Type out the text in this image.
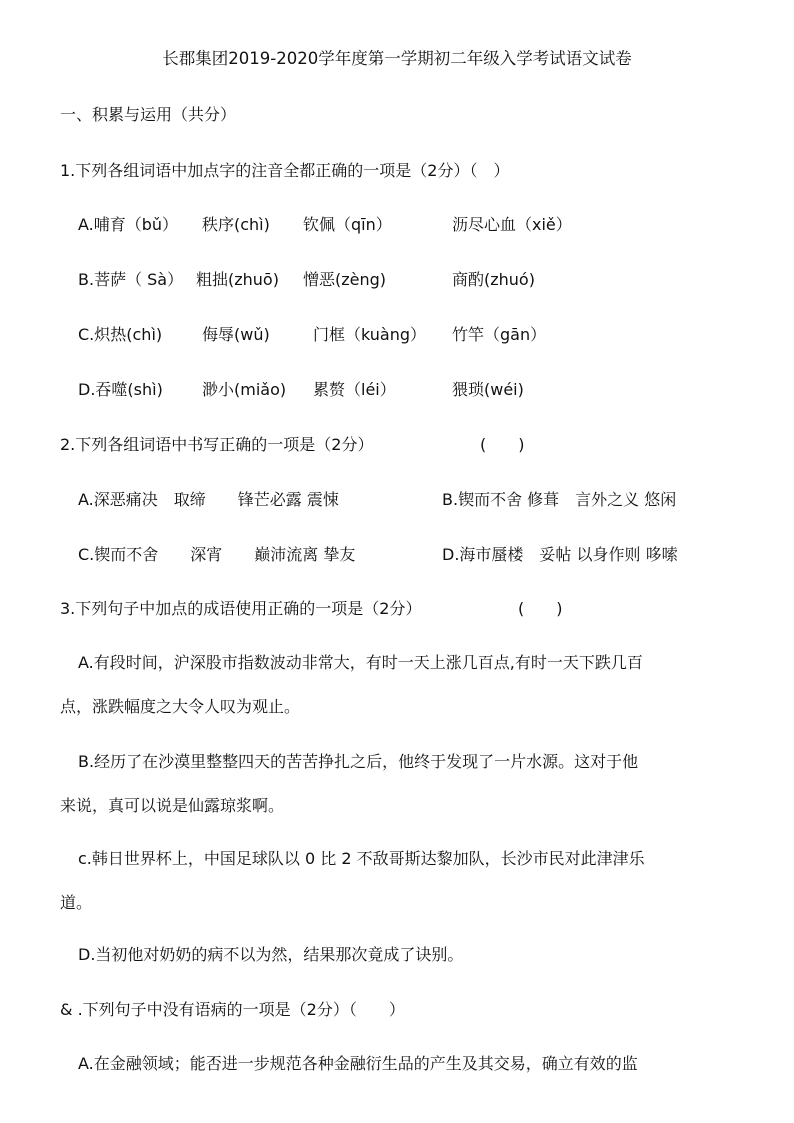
长郡集团2019-2020学年度第一学期初二年级入学考试语文试卷
一、积累与运用（共分）
1.下列各组词语中加点字的注音全都正确的一项是（2分）（　）
A.哺育（bǔ） 秩序(chì) 钦佩（qīn）	沥尽心血（xiě）
B.菩萨（ Sà） 粗拙(zhuō) 憎恶(zèng)	商酌(zhuó)
C.炽热(chì) 侮辱(wǔ)	门框（kuàng） 竹竿（gān）
D.吞噬(shì) 渺小(miǎo) 累赘（léi）	猥琐(wéi)
2.下列各组词语中书写正确的一项是（2分）	(　　)
A.深恶痛决　取缔　　锋芒必露 震悚	B.锲而不舍 修葺　言外之义 悠闲
C.锲而不舍　　深宵　　巅沛流离 挚友	D.海市蜃楼　妥帖 以身作则 哆嗦
3.下列句子中加点的成语使用正确的一项是（2分）	(　　)
A.有段时间，沪深股市指数波动非常大，有时一天上涨几百点,有时一天下跌几百
点，涨跌幅度之大令人叹为观止。
B.经历了在沙漠里整整四天的苦苦挣扎之后，他终于发现了一片水源。这对于他
来说，真可以说是仙露琼浆啊。
c.韩日世界杯上，中国足球队以 0 比 2 不敌哥斯达黎加队，长沙市民对此津津乐
道。
D.当初他对奶奶的病不以为然，结果那次竟成了诀别。
& .下列句子中没有语病的一项是（2分）（　　）
A.在金融领域；能否进一步规范各种金融衍生品的产生及其交易，确立有效的监
